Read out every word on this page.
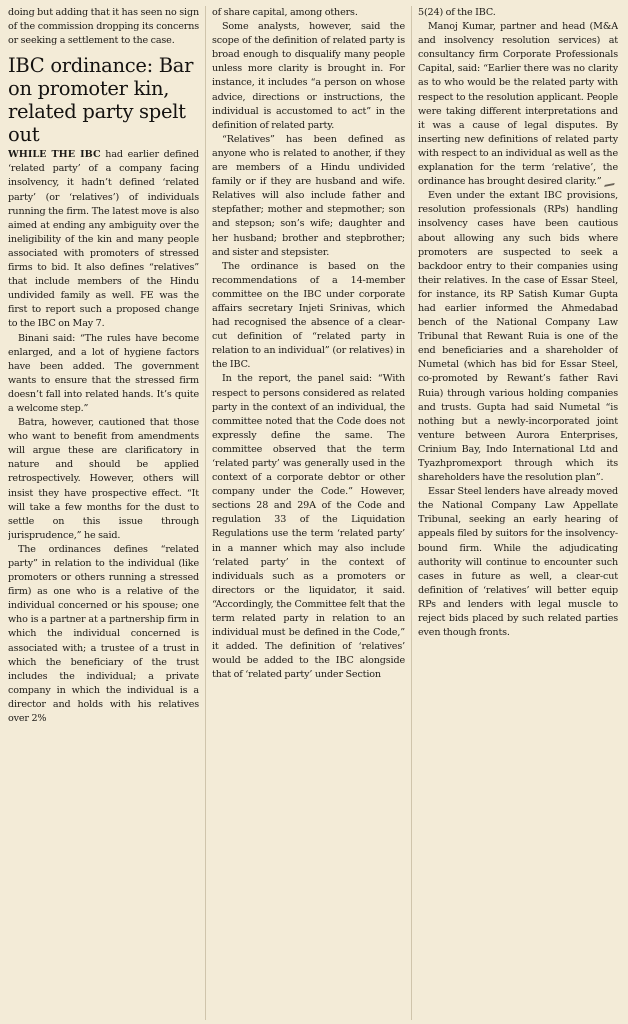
doing but adding that it has seen no sign of the commission dropping its concerns or seeking a settlement to the case.

IBC ordinance: Bar on promoter kin, related party spelt out

WHILE THE IBC had earlier defined ‘related party’ of a company facing insolvency, it hadn’t defined ‘related party’ (or ‘relatives’) of individuals running the firm. The latest move is also aimed at ending any ambiguity over the ineligibility of the kin and many people associated with promoters of stressed firms to bid. It also defines “relatives” that include members of the Hindu undivided family as well. FE was the first to report such a proposed change to the IBC on May 7.

Binani said: “The rules have become enlarged, and a lot of hygiene factors have been added. The government wants to ensure that the stressed firm doesn’t fall into related hands. It’s quite a welcome step.”

Batra, however, cautioned that those who want to benefit from amendments will argue these are clarificatory in nature and should be applied retrospectively. However, others will insist they have prospective effect. “It will take a few months for the dust to settle on this issue through jurisprudence,” he said.

The ordinances defines “related party” in relation to the individual (like promoters or others running a stressed firm) as one who is a relative of the individual concerned or his spouse; one who is a partner at a partnership firm in which the individual concerned is associated with; a trustee of a trust in which the beneficiary of the trust includes the individual; a private company in which the individual is a director and holds with his relatives over 2%

of share capital, among others.

Some analysts, however, said the scope of the definition of related party is broad enough to disqualify many people unless more clarity is brought in. For instance, it includes “a person on whose advice, directions or instructions, the individual is accustomed to act” in the definition of related party.

“Relatives” has been defined as anyone who is related to another, if they are members of a Hindu undivided family or if they are husband and wife. Relatives will also include father and stepfather; mother and stepmother; son and stepson; son’s wife; daughter and her husband; brother and stepbrother; and sister and stepsister.

The ordinance is based on the recommendations of a 14-member committee on the IBC under corporate affairs secretary Injeti Srinivas, which had recognised the absence of a clear-cut definition of “related party in relation to an individual” (or relatives) in the IBC.

In the report, the panel said: “With respect to persons considered as related party in the context of an individual, the committee noted that the Code does not expressly define the same. The committee observed that the term ‘related party’ was generally used in the context of a corporate debtor or other company under the Code.” However, sections 28 and 29A of the Code and regulation 33 of the Liquidation Regulations use the term ‘related party’ in a manner which may also include ‘related party’ in the context of individuals such as a promoters or directors or the liquidator, it said. “Accordingly, the Committee felt that the term related party in relation to an individual must be defined in the Code,” it added. The definition of ‘relatives’ would be added to the IBC alongside that of ‘related party’ under Section

5(24) of the IBC.

Manoj Kumar, partner and head (M&A and insolvency resolution services) at consultancy firm Corporate Professionals Capital, said: “Earlier there was no clarity as to who would be the related party with respect to the resolution applicant. People were taking different interpretations and it was a cause of legal disputes. By inserting new definitions of related party with respect to an individual as well as the explanation for the term ‘relative’, the ordinance has brought desired clarity.”

Even under the extant IBC provisions, resolution professionals (RPs) handling insolvency cases have been cautious about allowing any such bids where promoters are suspected to seek a backdoor entry to their companies using their relatives. In the case of Essar Steel, for instance, its RP Satish Kumar Gupta had earlier informed the Ahmedabad bench of the National Company Law Tribunal that Rewant Ruia is one of the end beneficiaries and a shareholder of Numetal (which has bid for Essar Steel, co-promoted by Rewant’s father Ravi Ruia) through various holding companies and trusts. Gupta had said Numetal “is nothing but a newly-incorporated joint venture between Aurora Enterprises, Crinium Bay, Indo International Ltd and Tyazhpromexport through which its shareholders have the resolution plan”.

Essar Steel lenders have already moved the National Company Law Appellate Tribunal, seeking an early hearing of appeals filed by suitors for the insolvency-bound firm. While the adjudicating authority will continue to encounter such cases in future as well, a clear-cut definition of ‘relatives’ will better equip RPs and lenders with legal muscle to reject bids placed by such related parties even though fronts.
